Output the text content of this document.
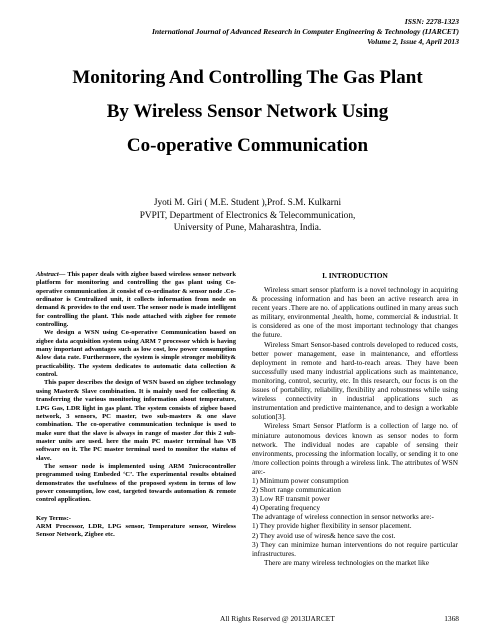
ISSN: 2278-1323
International Journal of Advanced Research in Computer Engineering & Technology (IJARCET)
Volume 2, Issue 4, April 2013
Monitoring And Controlling The Gas Plant
By Wireless Sensor Network Using
Co-operative Communication
Jyoti M. Giri ( M.E. Student ),Prof. S.M. Kulkarni
PVPIT, Department of Electronics & Telecommunication,
University of Pune, Maharashtra, India.

Abstract— This paper deals with zigbee based wireless sensor network platform for monitoring and controlling the gas plant using Co-operative communication .it consist of co-ordinator & sensor node .Co-ordinator is Centralized unit, it collects information from node on demand & provides to the end user. The sensor node is made intelligent for controlling the plant. This node attached with zigbee for remote controlling.

We design a WSN using Co-operative Communication based on zigbee data acquisition system using ARM 7 processor which is having many important advantages such as low cost, low power consumption &low data rate. Furthermore, the system is simple stronger mobility& practicability. The system dedicates to automatic data collection & control.

This paper describes the design of WSN based on zigbee technology using Master& Slave combination. It is mainly used for collecting & transferring the various monitoring information about temperature, LPG Gas, LDR light in gas plant. The system consists of zigbee based network, 3 sensors, PC master, two sub-masters & one slave combination. The co-operative communication technique is used to make sure that the slave is always in range of master .for this 2 sub-master units are used. here the main PC master terminal has VB software on it. The PC master terminal used to monitor the status of slave.

The sensor node is implemented using ARM 7microcontroller programmed using Embeded ‘C’. The experimental results obtained demonstrates the usefulness of the proposed system in terms of low power consumption, low cost, targeted towards automation & remote control application.

Key Terms:-

ARM Processor, LDR, LPG sensor, Temperature sensor, Wireless Sensor Network, Zigbee etc.

I. INTRODUCTION

Wireless smart sensor platform is a novel technology in acquiring & processing information and has been an active research area in recent years .There are no. of applications outlined in many areas such as military, environmental ,health, home, commercial & industrial. It is considered as one of the most important technology that changes the future.

Wireless Smart Sensor-based controls developed to reduced costs, better power management, ease in maintenance, and effortless deployment in remote and hard-to-reach areas. They have been successfully used many industrial applications such as maintenance, monitoring, control, security, etc. In this research, our focus is on the issues of portability, reliability, flexibility and robustness while using wireless connectivity in industrial applications such as instrumentation and predictive maintenance, and to design a workable solution[3].

Wireless Smart Sensor Platform is a collection of large no. of miniature autonomous devices known as sensor nodes to form network. The individual nodes are capable of sensing their environments, processing the information locally, or sending it to one /more collection points through a wireless link. The attributes of WSN are:-

1) Minimum power consumption
2) Short range communication
3) Low RF transmit power
4) Operating frequency
The advantage of wireless connection in sensor networks are:-
1) They provide higher flexibility in sensor placement.
2) They avoid use of wires& hence save the cost.

3) They can minimize human interventions do not require particular infrastructures.

There are many wireless technologies on the market like

All Rights Reserved @ 2013IJARCET	1368
